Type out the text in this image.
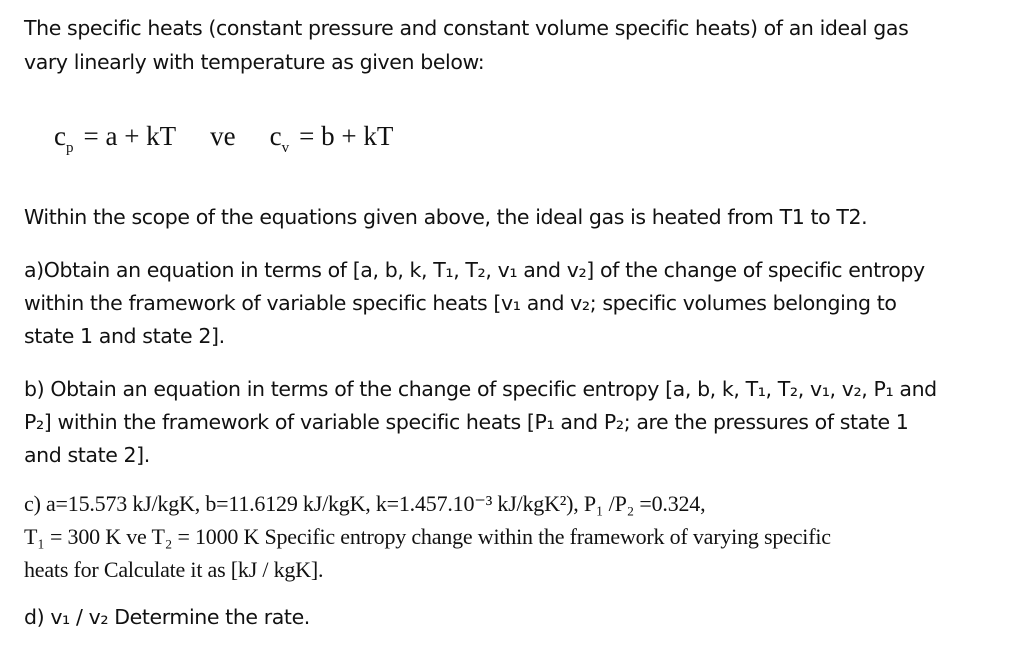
The specific heats (constant pressure and constant volume specific heats) of an ideal gas
vary linearly with temperature as given below:
$c_p = a$ + kT ve $c_v = b$ + kT
Within the scope of the equations given above, the ideal gas is heated from T1 to T2.
a)Obtain an equation in terms of [a, b, k, T₁, T₂, v₁ and v₂] of the change of specific entropy
within the framework of variable specific heats [v₁ and v₂; specific volumes belonging to
state 1 and state 2].
b) Obtain an equation in terms of the change of specific entropy [a, b, k, T₁, T₂, v₁, v₂, P₁ and
P₂] within the framework of variable specific heats [P₁ and P₂; are the pressures of state 1
and state 2].
c) a=15.573 kJ/kgK, b=11.6129 kJ/kgK, k=1.457.10⁻³ kJ/kgK²), P₁ /P₂ =0.324,
T₁ = 300 K ve T₂ = 1000 K Specific entropy change within the framework of varying specific
heats for Calculate it as [kJ / kgK].
d) v₁ / v₂ Determine the rate.
